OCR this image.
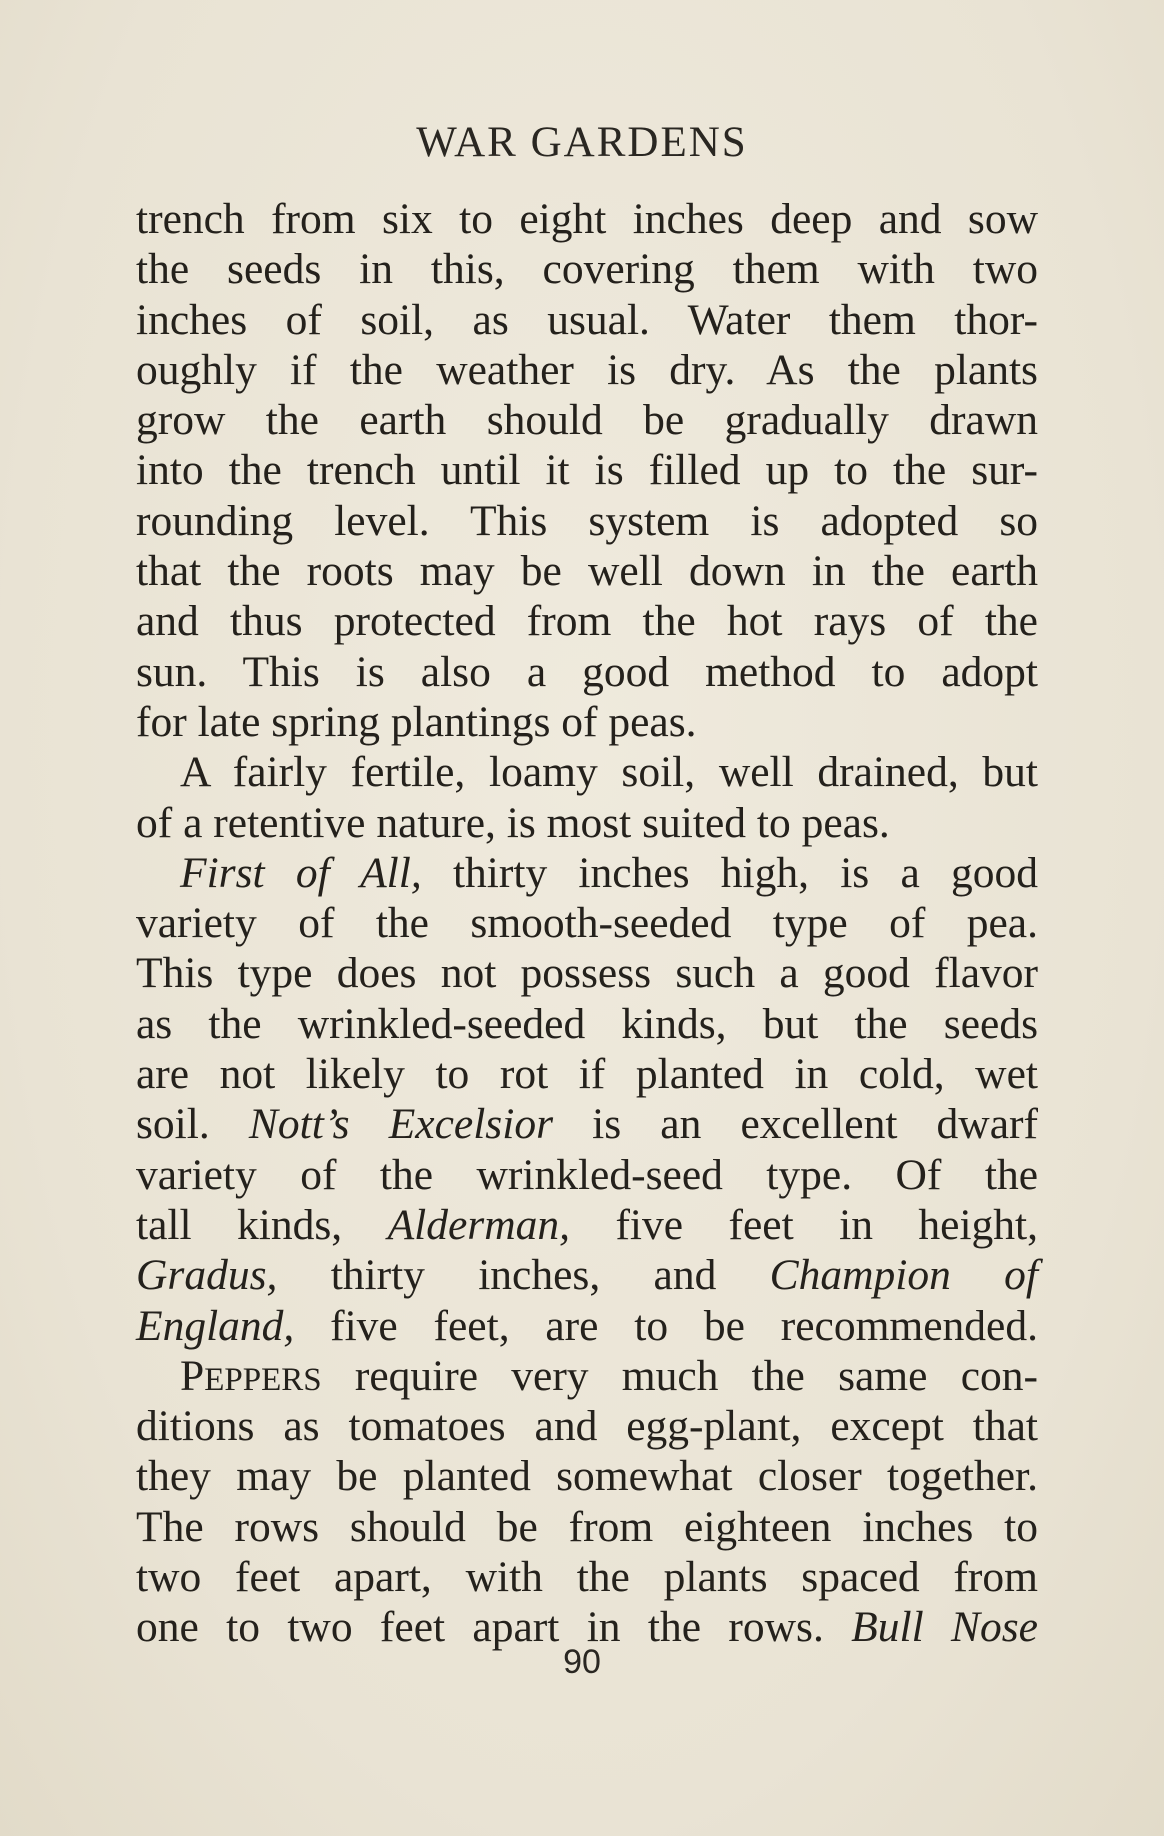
WAR GARDENS
trench from six to eight inches deep and sow
the seeds in this, covering them with two
inches of soil, as usual. Water them thor-
oughly if the weather is dry. As the plants
grow the earth should be gradually drawn
into the trench until it is filled up to the sur-
rounding level. This system is adopted so
that the roots may be well down in the earth
and thus protected from the hot rays of the
sun. This is also a good method to adopt
for late spring plantings of peas.
A fairly fertile, loamy soil, well drained, but
of a retentive nature, is most suited to peas.
First of All, thirty inches high, is a good
variety of the smooth-seeded type of pea.
This type does not possess such a good flavor
as the wrinkled-seeded kinds, but the seeds
are not likely to rot if planted in cold, wet
soil. Nott’s Excelsior is an excellent dwarf
variety of the wrinkled-seed type. Of the
tall kinds, Alderman, five feet in height,
Gradus, thirty inches, and Champion of
England, five feet, are to be recommended.
PEPPERS require very much the same con-
ditions as tomatoes and egg-plant, except that
they may be planted somewhat closer together.
The rows should be from eighteen inches to
two feet apart, with the plants spaced from
one to two feet apart in the rows. Bull Nose
90
